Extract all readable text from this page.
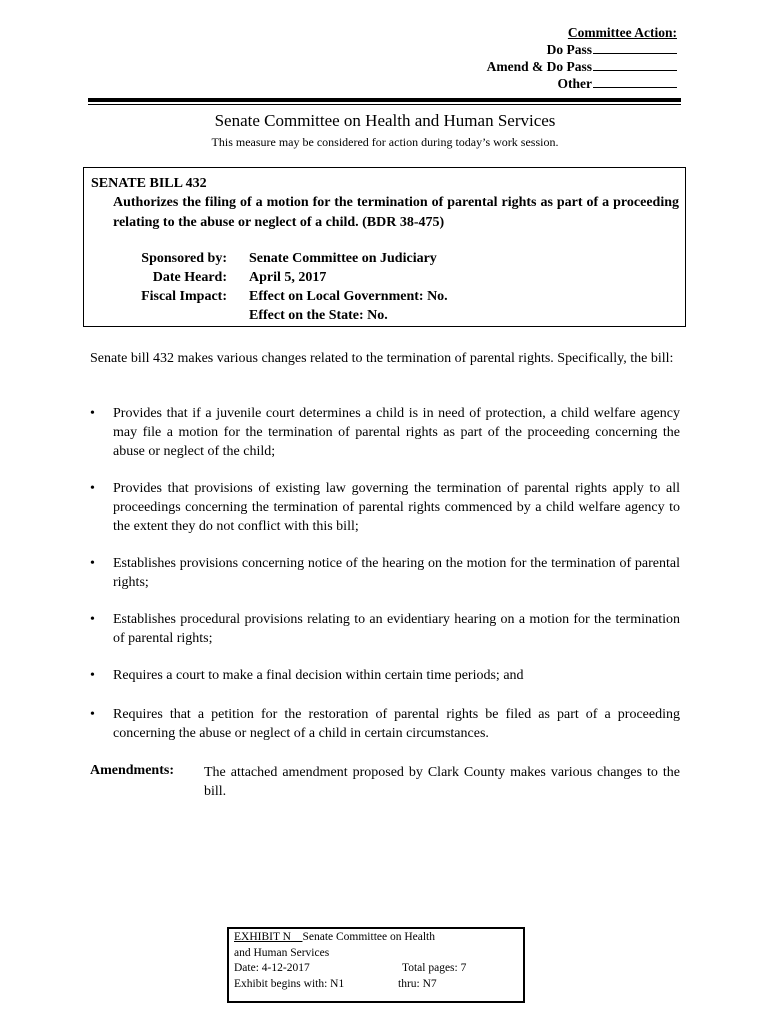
Committee Action:
Do Pass
Amend & Do Pass
Other
Senate Committee on Health and Human Services
This measure may be considered for action during today’s work session.
SENATE BILL 432
Authorizes the filing of a motion for the termination of parental rights as part of a proceeding relating to the abuse or neglect of a child. (BDR 38-475)
Sponsored by: Senate Committee on Judiciary
Date Heard: April 5, 2017
Fiscal Impact: Effect on Local Government: No.
Effect on the State: No.
Senate bill 432 makes various changes related to the termination of parental rights. Specifically, the bill:
• Provides that if a juvenile court determines a child is in need of protection, a child welfare agency may file a motion for the termination of parental rights as part of the proceeding concerning the abuse or neglect of the child;
• Provides that provisions of existing law governing the termination of parental rights apply to all proceedings concerning the termination of parental rights commenced by a child welfare agency to the extent they do not conflict with this bill;
• Establishes provisions concerning notice of the hearing on the motion for the termination of parental rights;
• Establishes procedural provisions relating to an evidentiary hearing on a motion for the termination of parental rights;
• Requires a court to make a final decision within certain time periods; and
• Requires that a petition for the restoration of parental rights be filed as part of a proceeding concerning the abuse or neglect of a child in certain circumstances.
Amendments: The attached amendment proposed by Clark County makes various changes to the bill.
EXHIBIT N Senate Committee on Health
and Human Services
Date: 4-12-2017	Total pages: 7
Exhibit begins with: N1	thru: N7
